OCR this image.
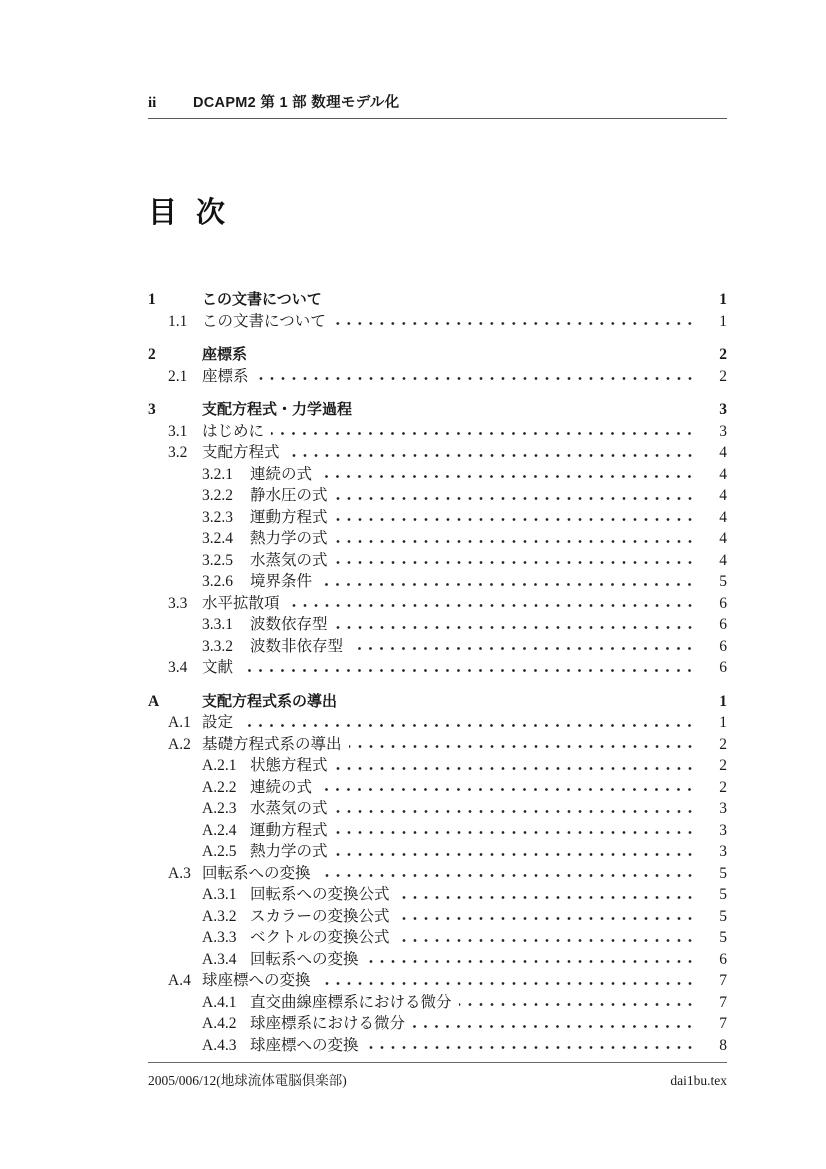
ii	DCAPM2 第 1 部 数理モデル化
目 次
1	この文書について	1
1.1 この文書について	1
2	座標系	2
2.1 座標系	2
3	支配方程式・力学過程	3
3.1 はじめに	3
3.2 支配方程式	4
3.2.1	連続の式	4
3.2.2	静水圧の式	4
3.2.3	運動方程式	4
3.2.4	熱力学の式	4
3.2.5	水蒸気の式	4
3.2.6	境界条件	5
3.3 水平拡散項	6
3.3.1	波数依存型	6
3.3.2	波数非依存型	6
3.4 文献	6
A	支配方程式系の導出	1
A.1 設定	1
A.2 基礎方程式系の導出	2
A.2.1 状態方程式	2
A.2.2 連続の式	2
A.2.3 水蒸気の式	3
A.2.4 運動方程式	3
A.2.5 熱力学の式	3
A.3 回転系への変換	5
A.3.1 回転系への変換公式	5
A.3.2 スカラーの変換公式	5
A.3.3 ベクトルの変換公式	5
A.3.4 回転系への変換	6
A.4 球座標への変換	7
A.4.1 直交曲線座標系における微分	7
A.4.2 球座標系における微分	7
A.4.3 球座標への変換	8
2005/006/12(地球流体電脳倶楽部)	dai1bu.tex
